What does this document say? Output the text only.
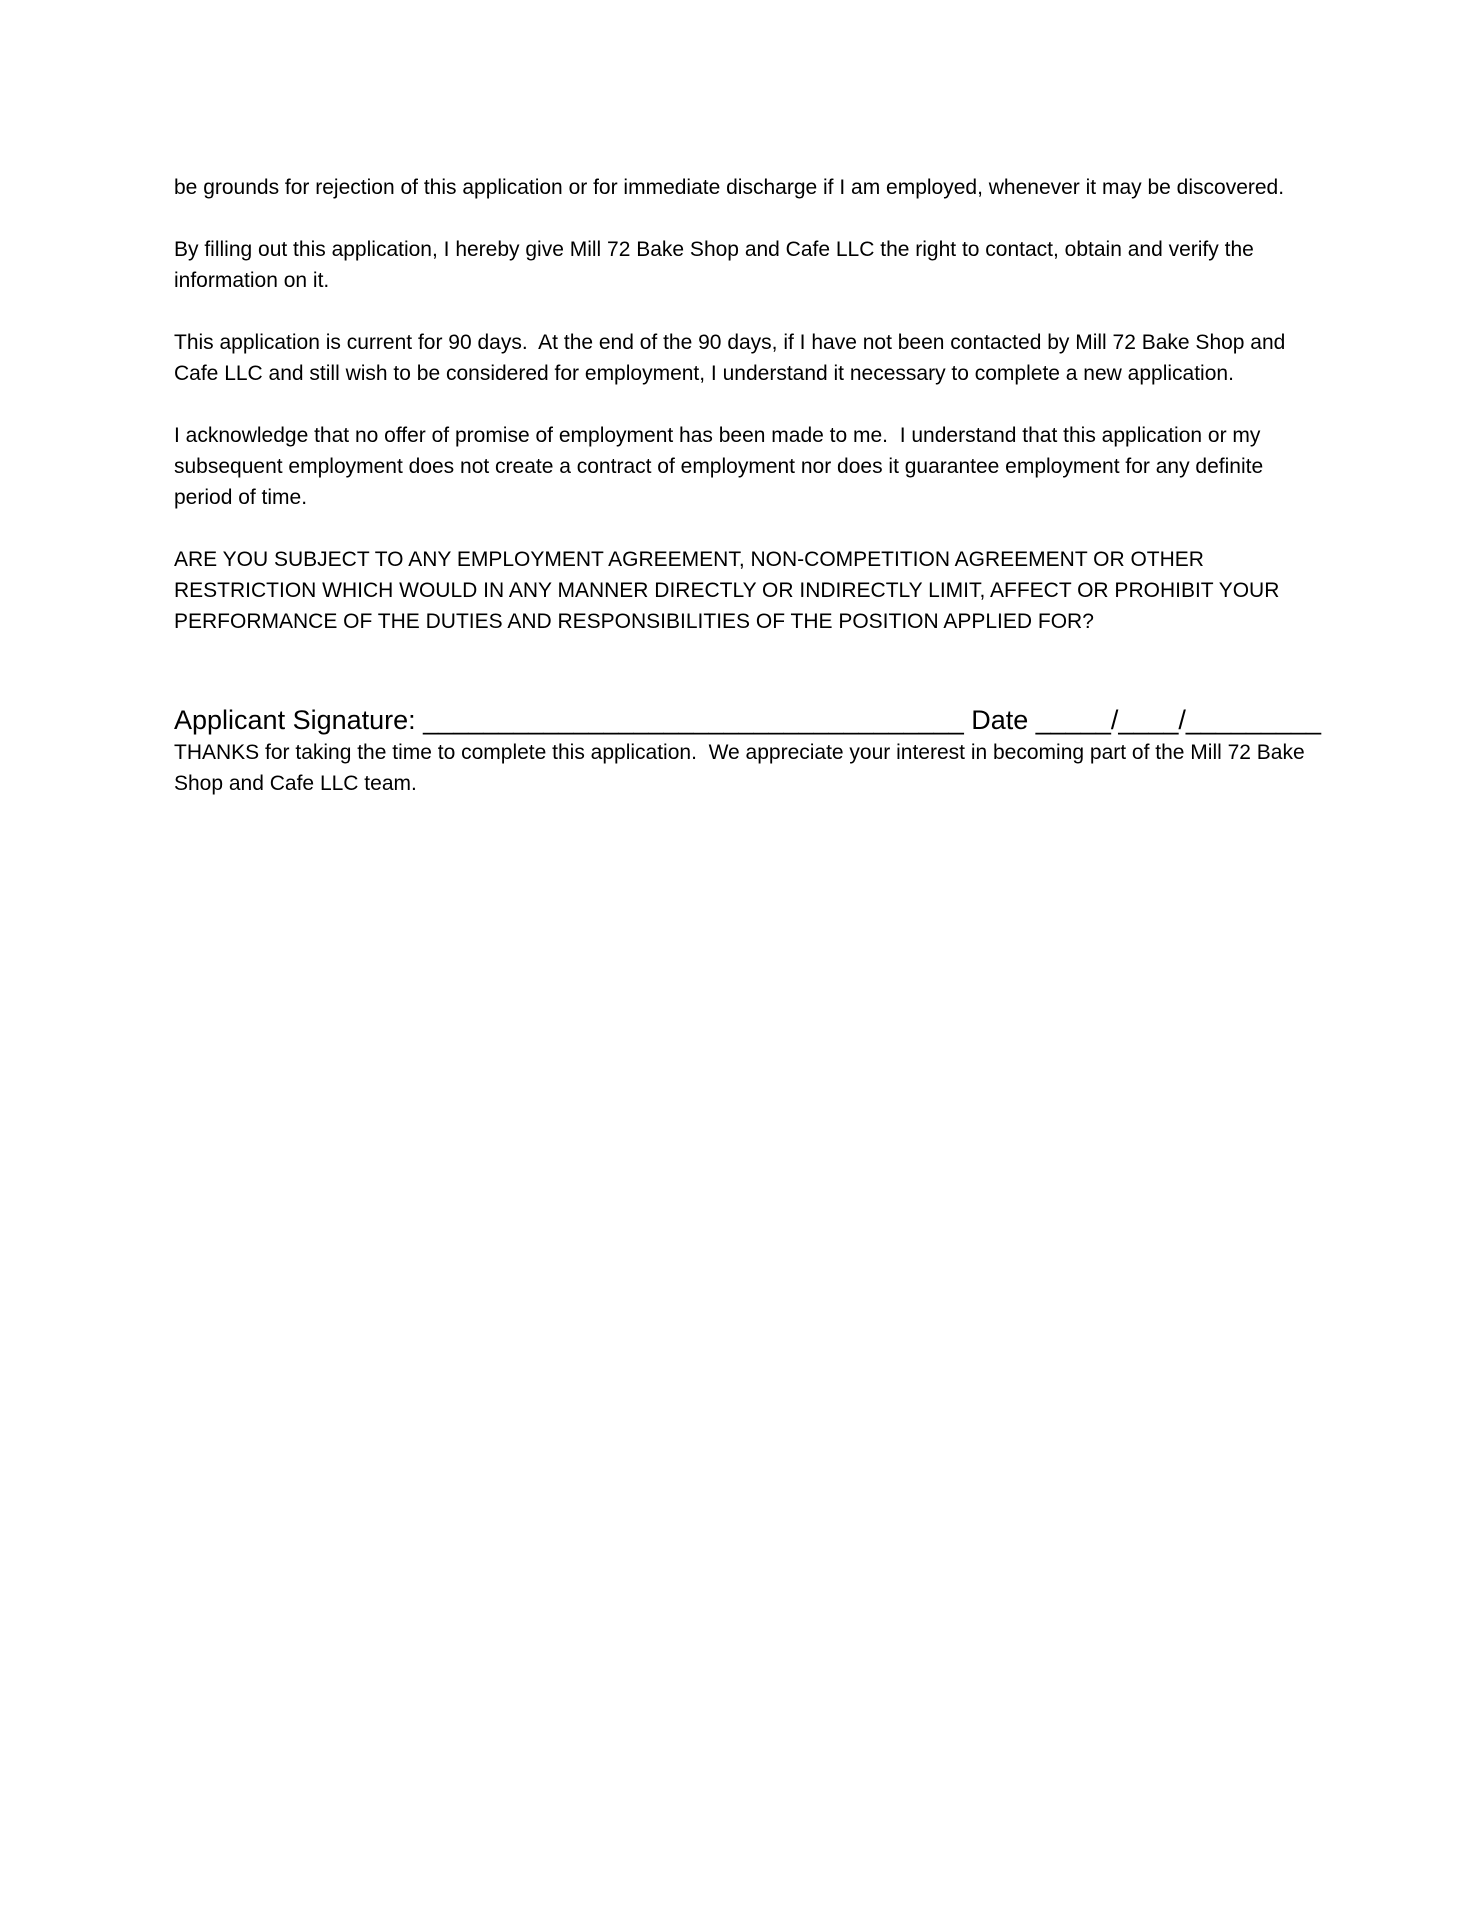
be grounds for rejection of this application or for immediate discharge if I am employed, whenever it may be discovered.

By filling out this application, I hereby give Mill 72 Bake Shop and Cafe LLC the right to contact, obtain and verify the information on it.

This application is current for 90 days.  At the end of the 90 days, if I have not been contacted by Mill 72 Bake Shop and Cafe LLC and still wish to be considered for employment, I understand it necessary to complete a new application.

I acknowledge that no offer of promise of employment has been made to me.  I understand that this application or my subsequent employment does not create a contract of employment nor does it guarantee employment for any definite period of time.

ARE YOU SUBJECT TO ANY EMPLOYMENT AGREEMENT, NON-COMPETITION AGREEMENT OR OTHER RESTRICTION WHICH WOULD IN ANY MANNER DIRECTLY OR INDIRECTLY LIMIT, AFFECT OR PROHIBIT YOUR PERFORMANCE OF THE DUTIES AND RESPONSIBILITIES OF THE POSITION APPLIED FOR?

Applicant Signature: ____________________________________ Date _____/____/_________

THANKS for taking the time to complete this application.  We appreciate your interest in becoming part of the Mill 72 Bake Shop and Cafe LLC team.
